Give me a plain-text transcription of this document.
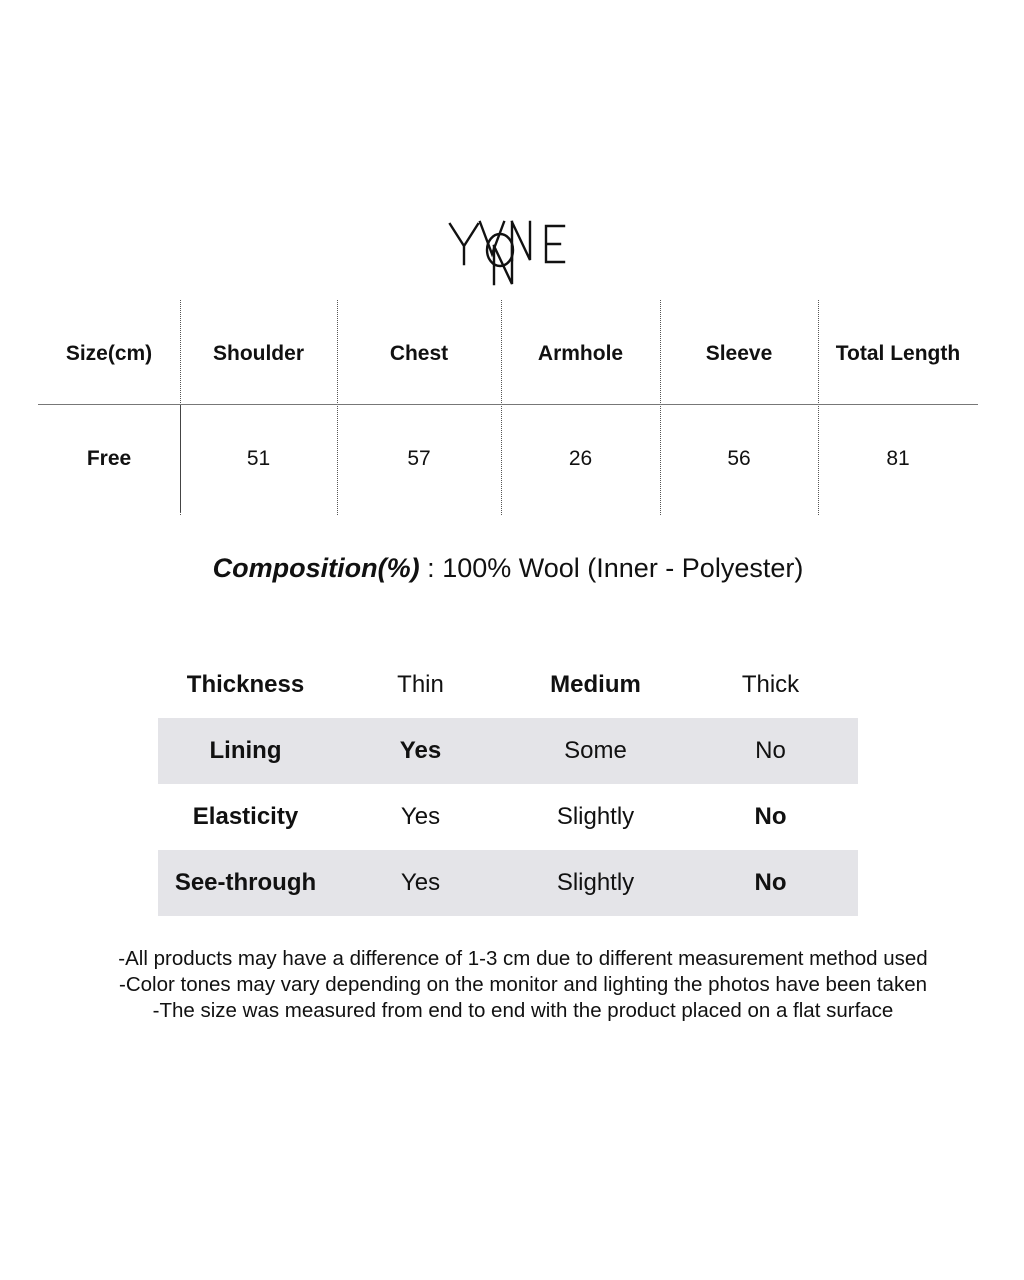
Size(cm)	Shoulder	Chest	Armhole	Sleeve	Total Length
Free	51	57	26	56	81
Composition(%) : 100% Wool (Inner - Polyester)
Thickness	Thin	Medium	Thick
Lining	Yes	Some	No
Elasticity	Yes	Slightly	No
See-through	Yes	Slightly	No
-All products may have a difference of 1-3 cm due to different measurement method used
-Color tones may vary depending on the monitor and lighting the photos have been taken
-The size was measured from end to end with the product placed on a flat surface
